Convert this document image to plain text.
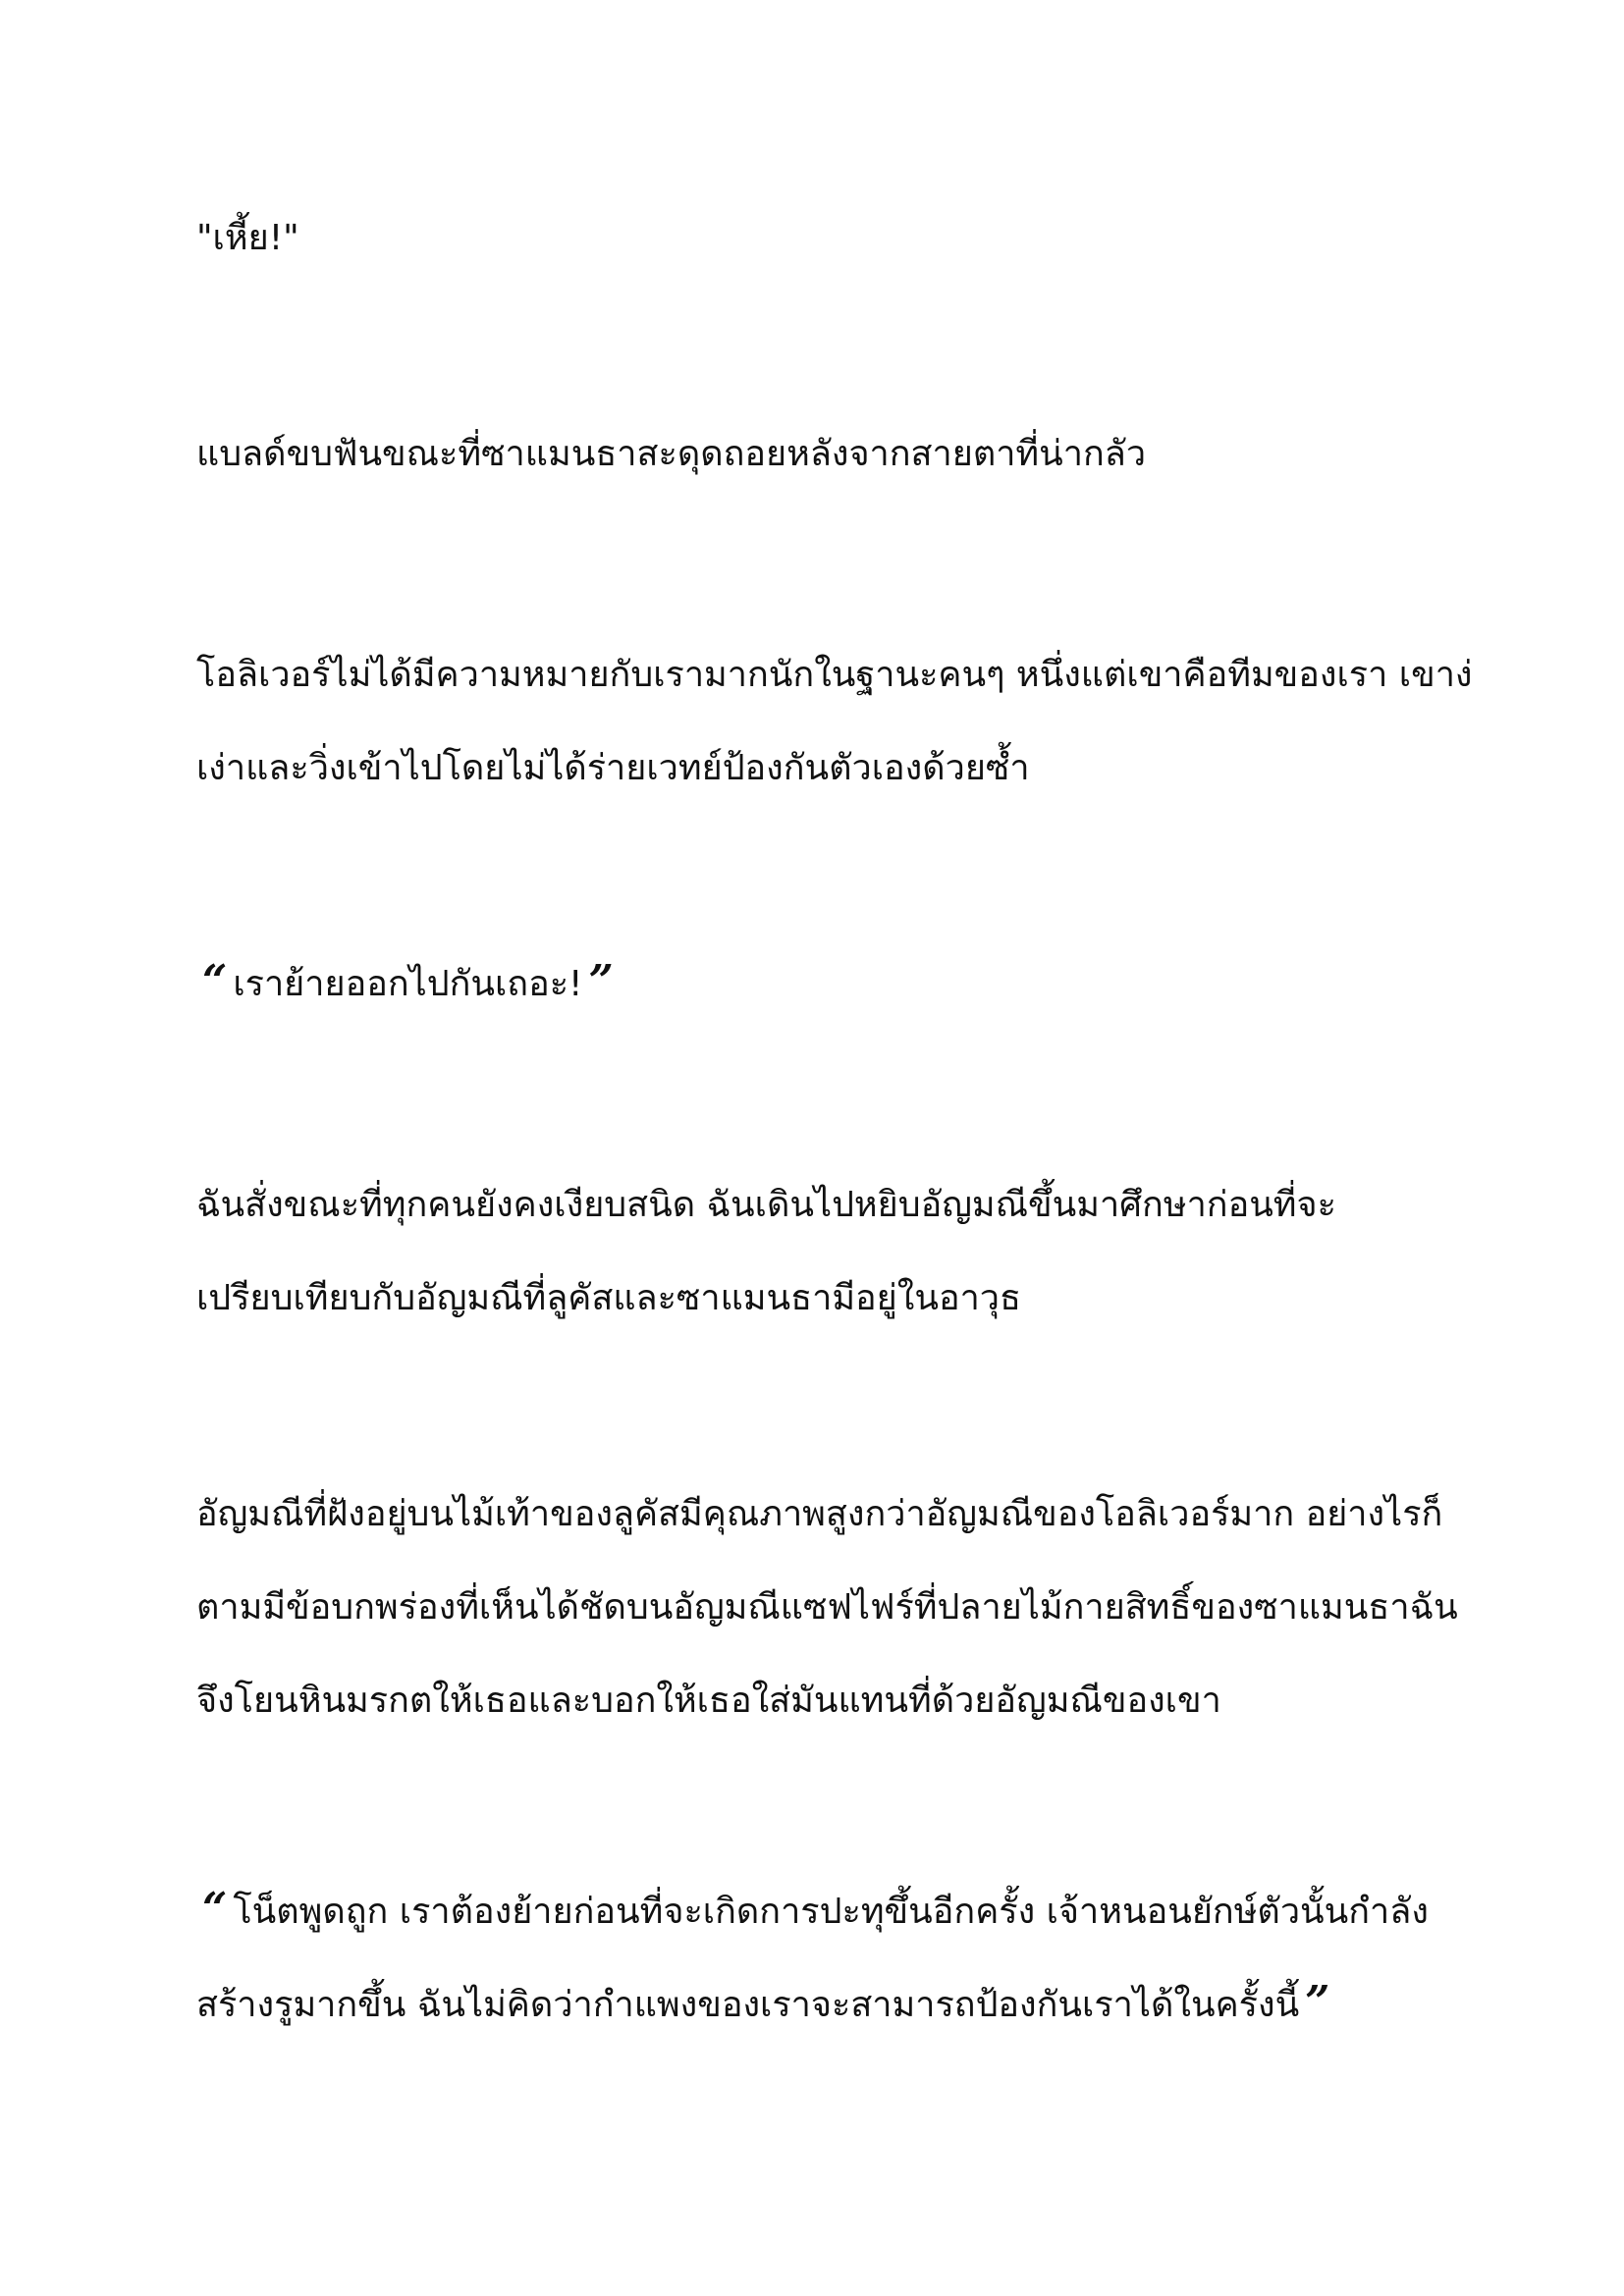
"เหี้ย!"

แบลด์ขบฟันขณะที่ซาแมนธาสะดุดถอยหลังจากสายตาที่น่ากลัว

โอลิเวอร์ไม่ได้มีความหมายกับเรามากนักในฐานะคนๆ หนึ่งแต่เขาคือทีมของเรา เขาง่
เง่าและวิ่งเข้าไปโดยไม่ได้ร่ายเวทย์ป้องกันตัวเองด้วยซ้ำ

“ เราย้ายออกไปกันเถอะ! ”

ฉันสั่งขณะที่ทุกคนยังคงเงียบสนิด ฉันเดินไปหยิบอัญมณีขึ้นมาศึกษาก่อนที่จะ
เปรียบเทียบกับอัญมณีที่ลูคัสและซาแมนธามีอยู่ในอาวุธ

อัญมณีที่ฝังอยู่บนไม้เท้าของลูคัสมีคุณภาพสูงกว่าอัญมณีของโอลิเวอร์มาก อย่างไรก็
ตามมีข้อบกพร่องที่เห็นได้ชัดบนอัญมณีแซฟไฟร์ที่ปลายไม้กายสิทธิ์ของซาแมนธาฉัน
จึงโยนหินมรกตให้เธอและบอกให้เธอใส่มันแทนที่ด้วยอัญมณีของเขา

“ โน็ตพูดถูก เราต้องย้ายก่อนที่จะเกิดการปะทุขึ้นอีกครั้ง เจ้าหนอนยักษ์ตัวนั้นกำลัง
สร้างรูมากขึ้น ฉันไม่คิดว่ากำแพงของเราจะสามารถป้องกันเราได้ในครั้งนี้ ”
